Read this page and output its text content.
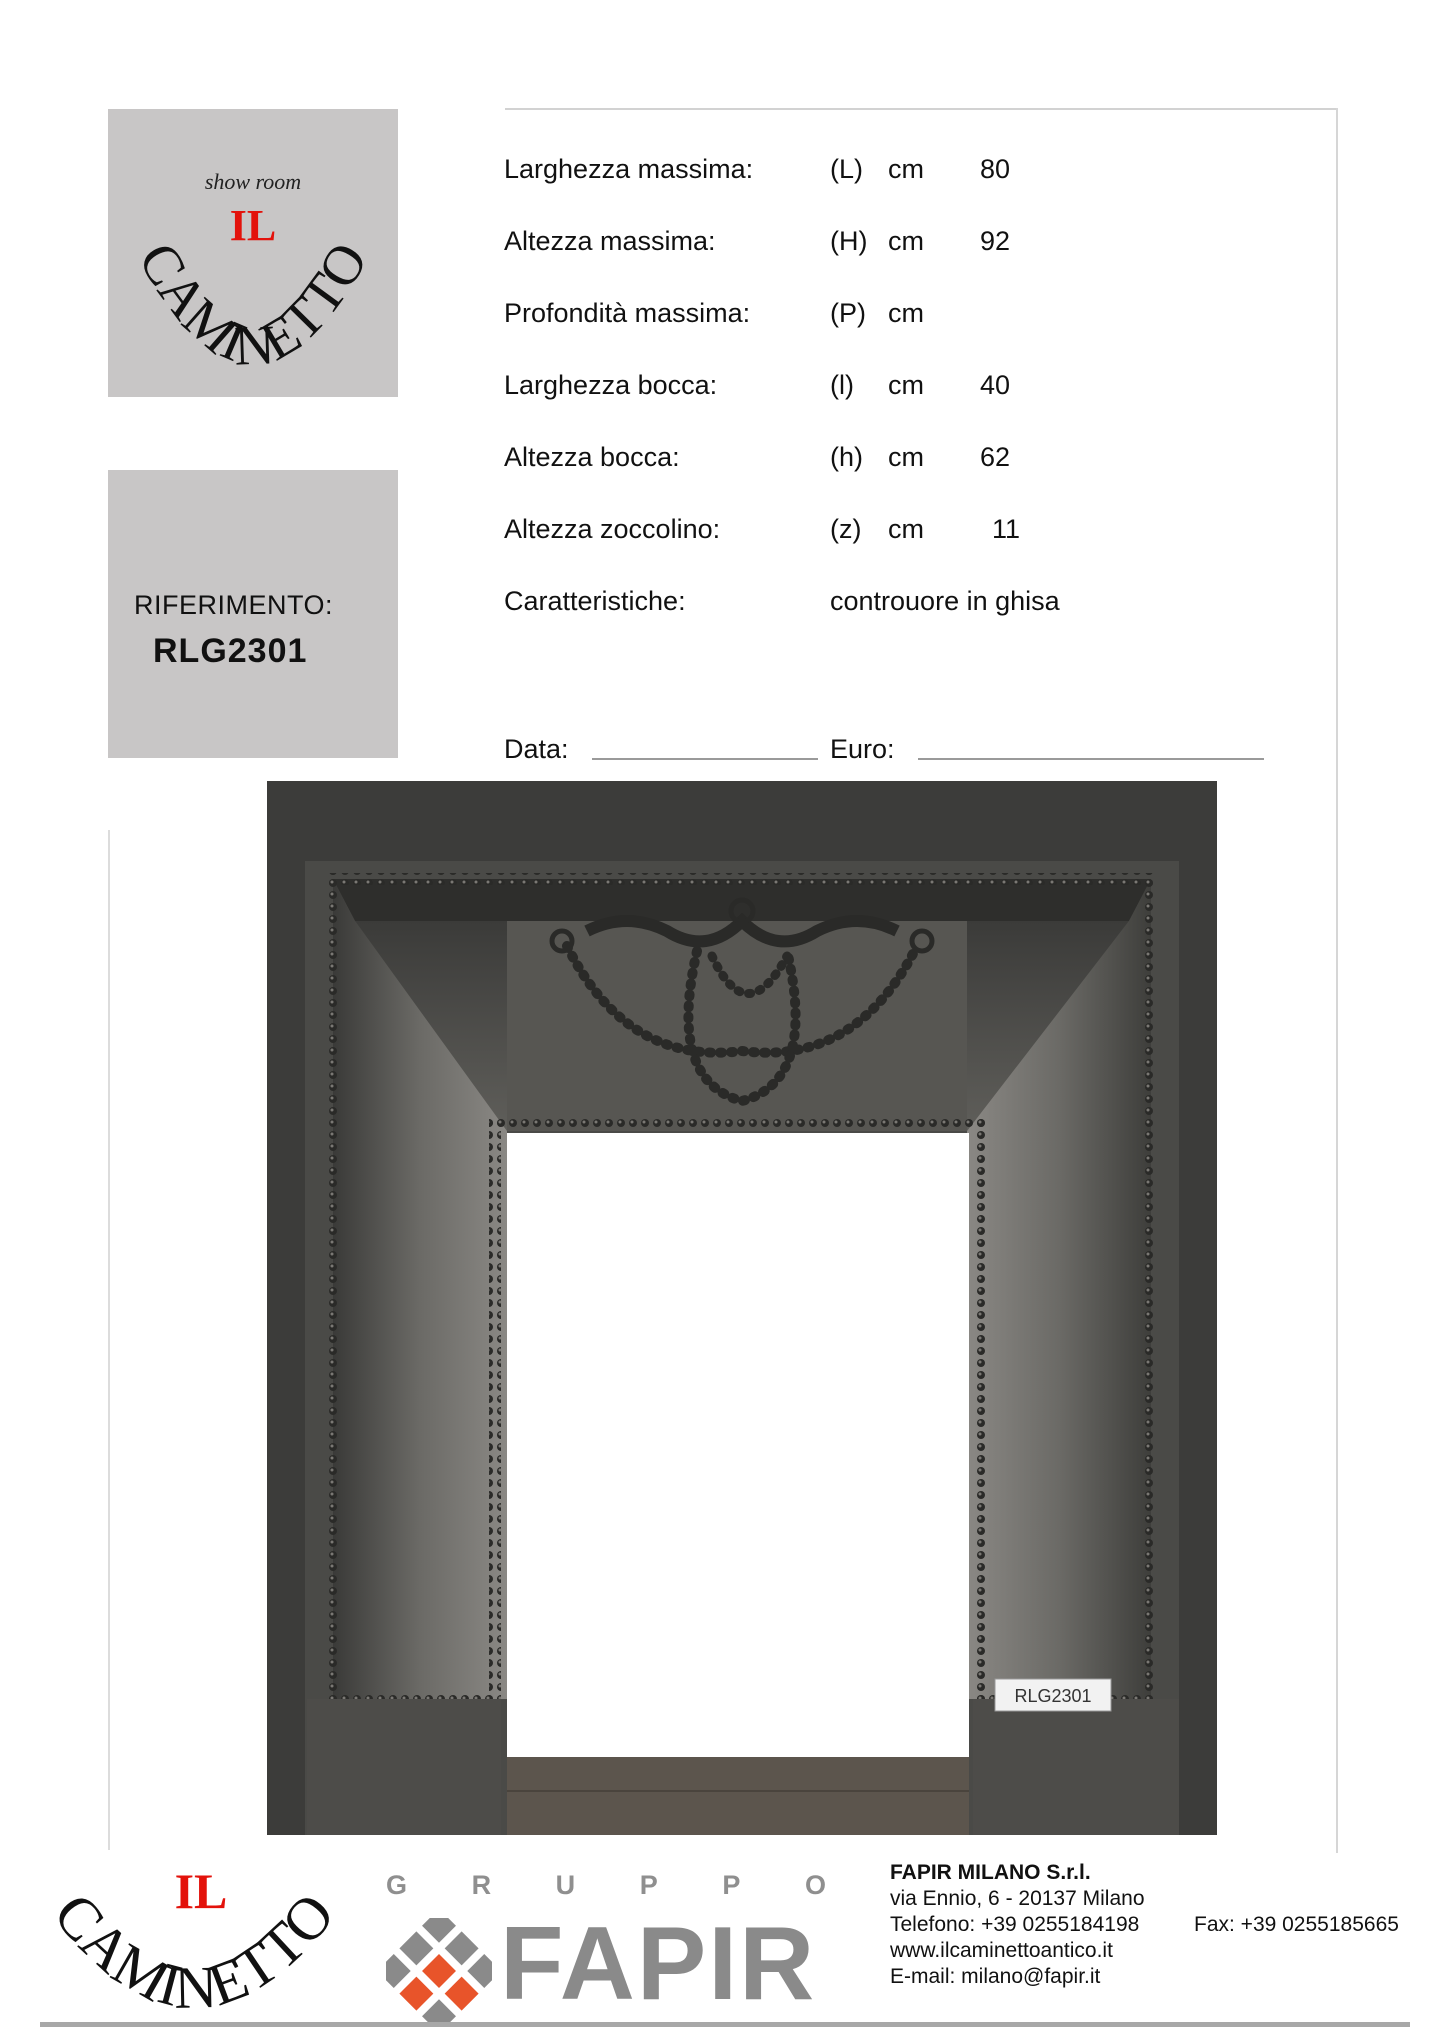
show room
IL
CAMINETTO
RIFERIMENTO:
RLG2301
Larghezza massima:	(L) cm 80
Altezza massima:	(H) cm 92
Profondità massima:	(P) cm
Larghezza bocca:	(l) cm 40
Altezza bocca:	(h) cm 62
Altezza zoccolino:	(z) cm	11
Caratteristiche:	controuore in ghisa
Data:	Euro:
RLG2301
IL
CAMINETTO G R U P P O
FAPIR
FAPIR MILANO S.r.l.
via Ennio, 6 - 20137 Milano
Telefono: +39 0255184198	Fax: +39 0255185665
www.ilcaminettoantico.it
E-mail: milano@fapir.it
